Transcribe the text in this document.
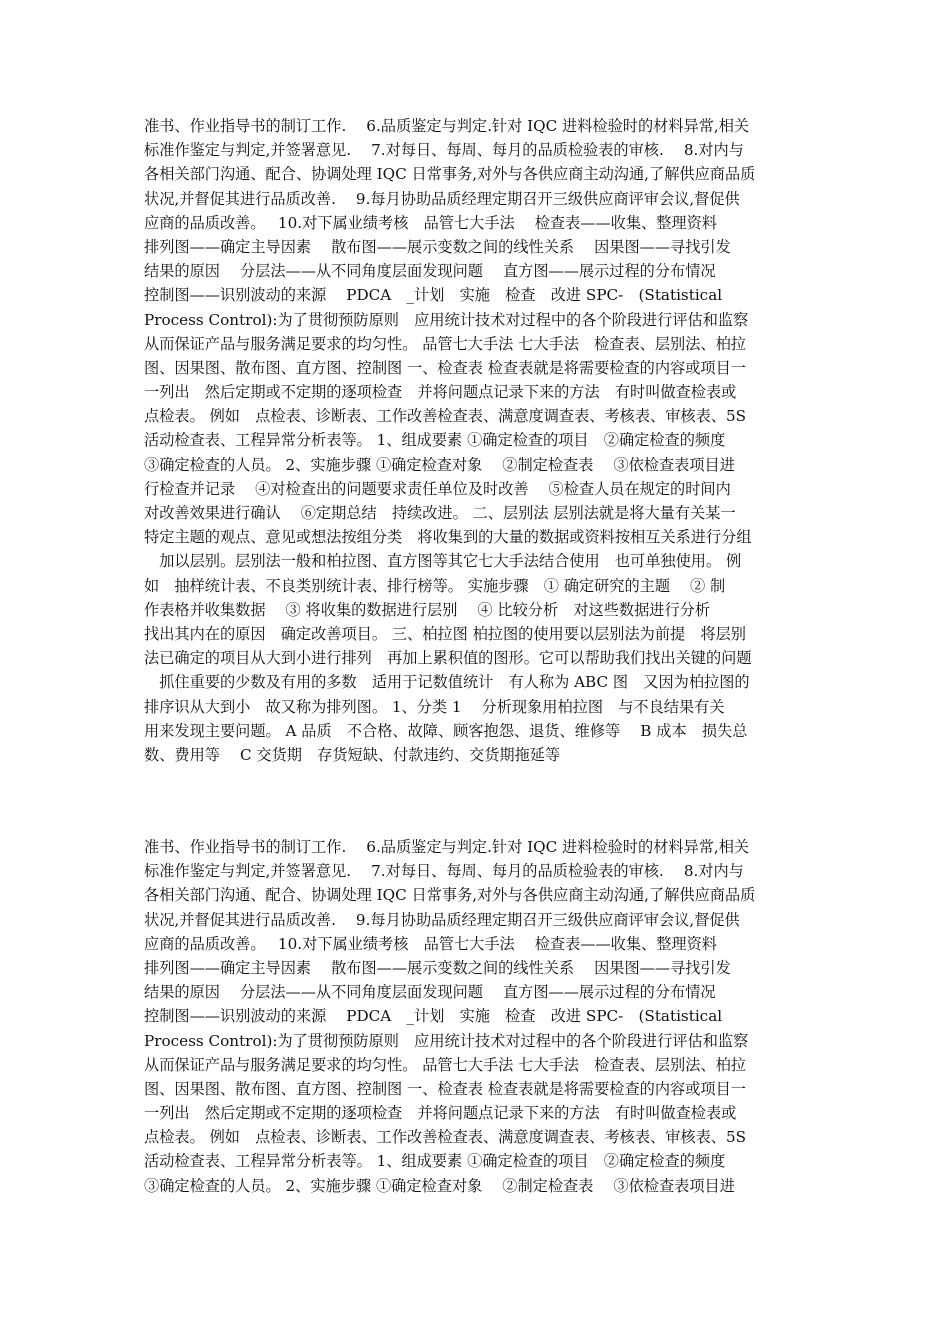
准书、作业指导书的制订工作.　 6.品质鉴定与判定.针对 IQC 进料检验时的材料异常,相关
标准作鉴定与判定,并签署意见.　 7.对每日、每周、每月的品质检验表的审核.　 8.对内与
各相关部门沟通、配合、协调处理 IQC 日常事务,对外与各供应商主动沟通,了解供应商品质
状况,并督促其进行品质改善.　 9.每月协助品质经理定期召开三级供应商评审会议,督促供
应商的品质改善。　 10.对下属业绩考核　品管七大手法　 检查表——收集、整理资料
排列图——确定主导因素　 散布图——展示变数之间的线性关系　 因果图——寻找引发
结果的原因　 分层法——从不同角度层面发现问题　 直方图——展示过程的分布情况
控制图——识别波动的来源　 PDCA　_计划　实施　检查　改进 SPC-　(Statistical
Process Control):为了贯彻预防原则　应用统计技术对过程中的各个阶段进行评估和监察
从而保证产品与服务满足要求的均匀性。 品管七大手法 七大手法　检查表、层别法、柏拉
图、因果图、散布图、直方图、控制图 一、检查表 检查表就是将需要检查的内容或项目一
一列出　然后定期或不定期的逐项检查　并将问题点记录下来的方法　有时叫做查检表或
点检表。 例如　点检表、诊断表、工作改善检查表、满意度调查表、考核表、审核表、5S
活动检查表、工程异常分析表等。 1、组成要素 ①确定检查的项目　②确定检查的频度
③确定检查的人员。 2、实施步骤 ①确定检查对象　 ②制定检查表　 ③依检查表项目进
行检查并记录　 ④对检查出的问题要求责任单位及时改善　 ⑤检查人员在规定的时间内
对改善效果进行确认　 ⑥定期总结　持续改进。 二、层别法 层别法就是将大量有关某一
特定主题的观点、意见或想法按组分类　将收集到的大量的数据或资料按相互关系进行分组
　加以层别。层别法一般和柏拉图、直方图等其它七大手法结合使用　也可单独使用。 例
如　抽样统计表、不良类别统计表、排行榜等。 实施步骤　① 确定研究的主题　 ② 制
作表格并收集数据　 ③ 将收集的数据进行层别　 ④ 比较分析　对这些数据进行分析
找出其内在的原因　确定改善项目。 三、柏拉图 柏拉图的使用要以层别法为前提　将层别
法已确定的项目从大到小进行排列　再加上累积值的图形。它可以帮助我们找出关键的问题
　抓住重要的少数及有用的多数　适用于记数值统计　有人称为 ABC 图　又因为柏拉图的
排序识从大到小　故又称为排列图。 1、分类 1　 分析现象用柏拉图　与不良结果有关
用来发现主要问题。 A 品质　不合格、故障、顾客抱怨、退货、维修等　 B 成本　损失总
数、费用等　 C 交货期　存货短缺、付款违约、交货期拖延等
准书、作业指导书的制订工作.　 6.品质鉴定与判定.针对 IQC 进料检验时的材料异常,相关
标准作鉴定与判定,并签署意见.　 7.对每日、每周、每月的品质检验表的审核.　 8.对内与
各相关部门沟通、配合、协调处理 IQC 日常事务,对外与各供应商主动沟通,了解供应商品质
状况,并督促其进行品质改善.　 9.每月协助品质经理定期召开三级供应商评审会议,督促供
应商的品质改善。　 10.对下属业绩考核　品管七大手法　 检查表——收集、整理资料
排列图——确定主导因素　 散布图——展示变数之间的线性关系　 因果图——寻找引发
结果的原因　 分层法——从不同角度层面发现问题　 直方图——展示过程的分布情况
控制图——识别波动的来源　 PDCA　_计划　实施　检查　改进 SPC-　(Statistical
Process Control):为了贯彻预防原则　应用统计技术对过程中的各个阶段进行评估和监察
从而保证产品与服务满足要求的均匀性。 品管七大手法 七大手法　检查表、层别法、柏拉
图、因果图、散布图、直方图、控制图 一、检查表 检查表就是将需要检查的内容或项目一
一列出　然后定期或不定期的逐项检查　并将问题点记录下来的方法　有时叫做查检表或
点检表。 例如　点检表、诊断表、工作改善检查表、满意度调查表、考核表、审核表、5S
活动检查表、工程异常分析表等。 1、组成要素 ①确定检查的项目　②确定检查的频度
③确定检查的人员。 2、实施步骤 ①确定检查对象　 ②制定检查表　 ③依检查表项目进
